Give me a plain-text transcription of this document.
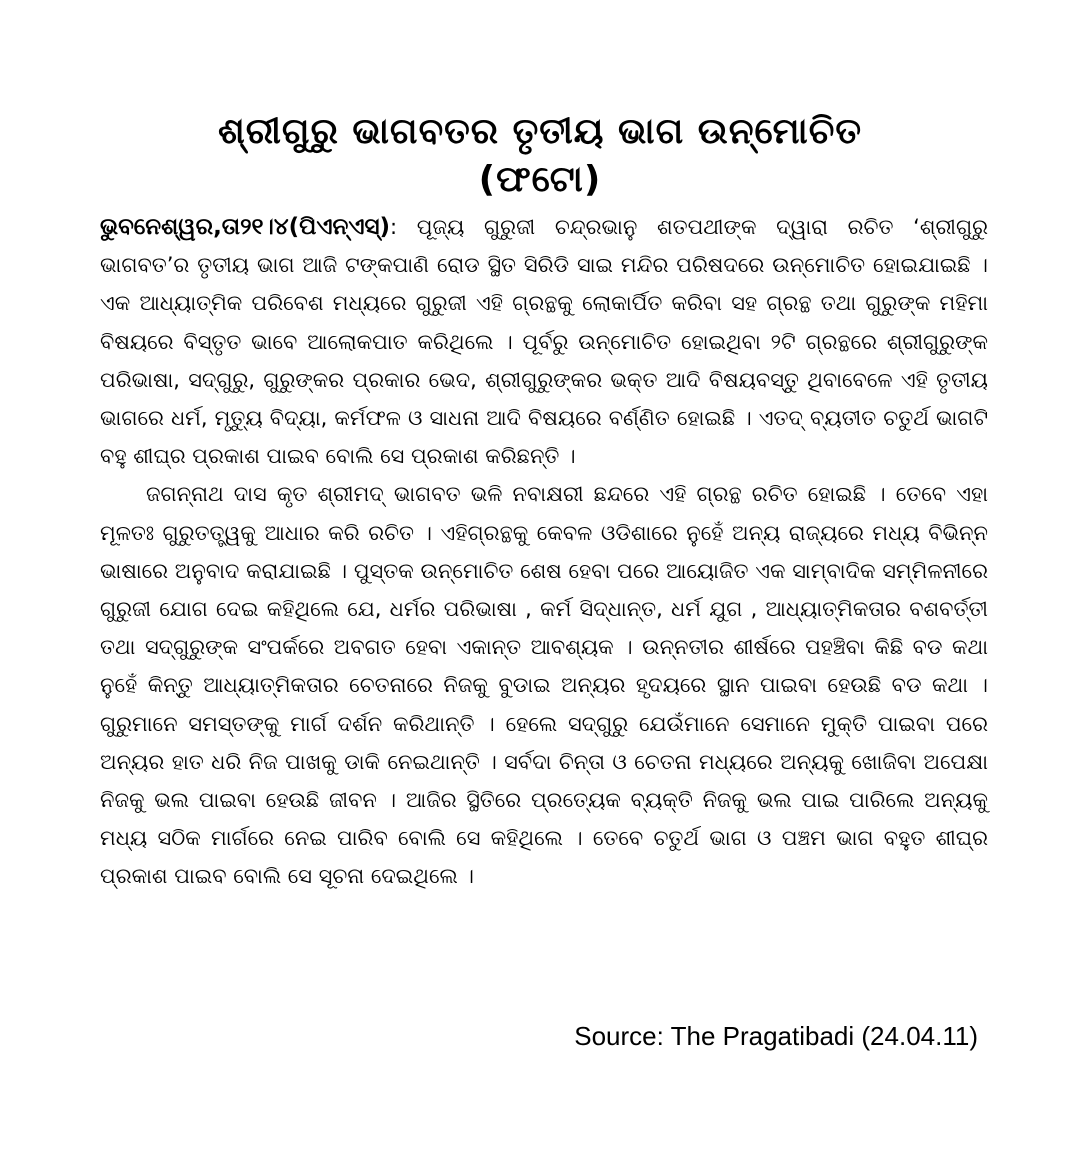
ଶ୍ରୀଗୁରୁ ଭାଗବତର ତୃତୀୟ ଭାଗ ଉନ୍ମୋଚିତ
(ଫଟୋ)

ଭୁବନେଶ୍ୱର,ତା୨୧।୪(ପିଏନ୍‌ଏସ୍): ପୂଜ୍ୟ ଗୁରୁଜୀ ଚନ୍ଦ୍ରଭାନୁ ଶତପଥୀଙ୍କ ଦ୍ୱାରା ରଚିତ ‘ଶ୍ରୀଗୁରୁ ଭାଗବତ’ର ତୃତୀୟ ଭାଗ ଆଜି ଟଙ୍କପାଣି ରୋଡ ସ୍ଥିତ ସିରିଡି ସାଇ ମନ୍ଦିର ପରିଷଦରେ ଉନ୍ମୋଚିତ ହୋଇଯାଇଛି । ଏକ ଆଧ୍ୟାତ୍ମିକ ପରିବେଶ ମଧ୍ୟରେ ଗୁରୁଜୀ ଏହି ଗ୍ରନ୍ଥକୁ ଲୋକାର୍ପିତ କରିବା ସହ ଗ୍ରନ୍ଥ ତଥା ଗୁରୁଙ୍କ ମହିମା ବିଷୟରେ ବିସ୍ତୃତ ଭାବେ ଆଲୋକପାତ କରିଥିଲେ । ପୂର୍ବରୁ ଉନ୍ମୋଚିତ ହୋଇଥିବା ୨ଟି ଗ୍ରନ୍ଥରେ ଶ୍ରୀଗୁରୁଙ୍କ ପରିଭାଷା, ସଦ୍‌ଗୁରୁ, ଗୁରୁଙ୍କର ପ୍ରକାର ଭେଦ, ଶ୍ରୀଗୁରୁଙ୍କର ଭକ୍ତ ଆଦି ବିଷୟବସ୍ତୁ ଥିବାବେଳେ ଏହି ତୃତୀୟ ଭାଗରେ ଧର୍ମ, ମୃତ୍ୟୁ ବିଦ୍ୟା, କର୍ମଫଳ ଓ ସାଧନା ଆଦି ବିଷୟରେ ବର୍ଣ୍ଣିତ ହୋଇଛି । ଏତଦ୍ ବ୍ୟତୀତ ଚତୁର୍ଥ ଭାଗଟି ବହୁ ଶୀଘ୍ର ପ୍ରକାଶ ପାଇବ ବୋଲି ସେ ପ୍ରକାଶ କରିଛନ୍ତି ।

ଜଗନ୍ନାଥ ଦାସ କୃତ ଶ୍ରୀମଦ୍ ଭାଗବତ ଭଳି ନବାକ୍ଷରୀ ଛନ୍ଦରେ ଏହି ଗ୍ରନ୍ଥ ରଚିତ ହୋଇଛି । ତେବେ ଏହା ମୂଳତଃ ଗୁରୁତତ୍ତ୍ୱକୁ ଆଧାର କରି ରଚିତ । ଏହିଗ୍ରନ୍ଥକୁ କେବଳ ଓଡିଶାରେ ନୁହେଁ ଅନ୍ୟ ରାଜ୍ୟରେ ମଧ୍ୟ ବିଭିନ୍ନ ଭାଷାରେ ଅନୁବାଦ କରାଯାଇଛି । ପୁସ୍ତକ ଉନ୍ମୋଚିତ ଶେଷ ହେବା ପରେ ଆୟୋଜିତ ଏକ ସାମ୍ବାଦିକ ସମ୍ମିଳନୀରେ ଗୁରୁଜୀ ଯୋଗ ଦେଇ କହିଥିଲେ ଯେ, ଧର୍ମର ପରିଭାଷା , କର୍ମ ସିଦ୍ଧାନ୍ତ, ଧର୍ମ ଯୁଗ , ଆଧ୍ୟାତ୍ମିକତାର ବଶବର୍ତ୍ତୀ ତଥା ସଦ୍‌ଗୁରୁଙ୍କ ସଂପର୍କରେ ଅବଗତ ହେବା ଏକାନ୍ତ ଆବଶ୍ୟକ । ଉନ୍ନତୀର ଶୀର୍ଷରେ ପହଞ୍ଚିବା କିଛି ବଡ କଥା ନୁହେଁ କିନ୍ତୁ ଆଧ୍ୟାତ୍ମିକତାର ଚେତନାରେ ନିଜକୁ ବୁଡାଇ ଅନ୍ୟର ହୃଦୟରେ ସ୍ଥାନ ପାଇବା ହେଉଛି ବଡ କଥା । ଗୁରୁମାନେ ସମସ୍ତଙ୍କୁ ମାର୍ଗ ଦର୍ଶନ କରିଥାନ୍ତି । ହେଲେ ସଦ୍‌ଗୁରୁ ଯେଉଁମାନେ ସେମାନେ ମୁକ୍ତି ପାଇବା ପରେ ଅନ୍ୟର ହାତ ଧରି ନିଜ ପାଖକୁ ଡାକି ନେଇଥାନ୍ତି । ସର୍ବଦା ଚିନ୍ତା ଓ ଚେତନା ମଧ୍ୟରେ ଅନ୍ୟକୁ ଖୋଜିବା ଅପେକ୍ଷା ନିଜକୁ ଭଲ ପାଇବା ହେଉଛି ଜୀବନ । ଆଜିର ସ୍ଥିତିରେ ପ୍ରତ୍ୟେକ ବ୍ୟକ୍ତି ନିଜକୁ ଭଲ ପାଇ ପାରିଲେ ଅନ୍ୟକୁ ମଧ୍ୟ ସଠିକ ମାର୍ଗରେ ନେଇ ପାରିବ ବୋଲି ସେ କହିଥିଲେ । ତେବେ ଚତୁର୍ଥ ଭାଗ ଓ ପଞ୍ଚମ ଭାଗ ବହୁତ ଶୀଘ୍ର ପ୍ରକାଶ ପାଇବ ବୋଲି ସେ ସୂଚନା ଦେଇଥିଲେ ।

Source: The Pragatibadi (24.04.11)
